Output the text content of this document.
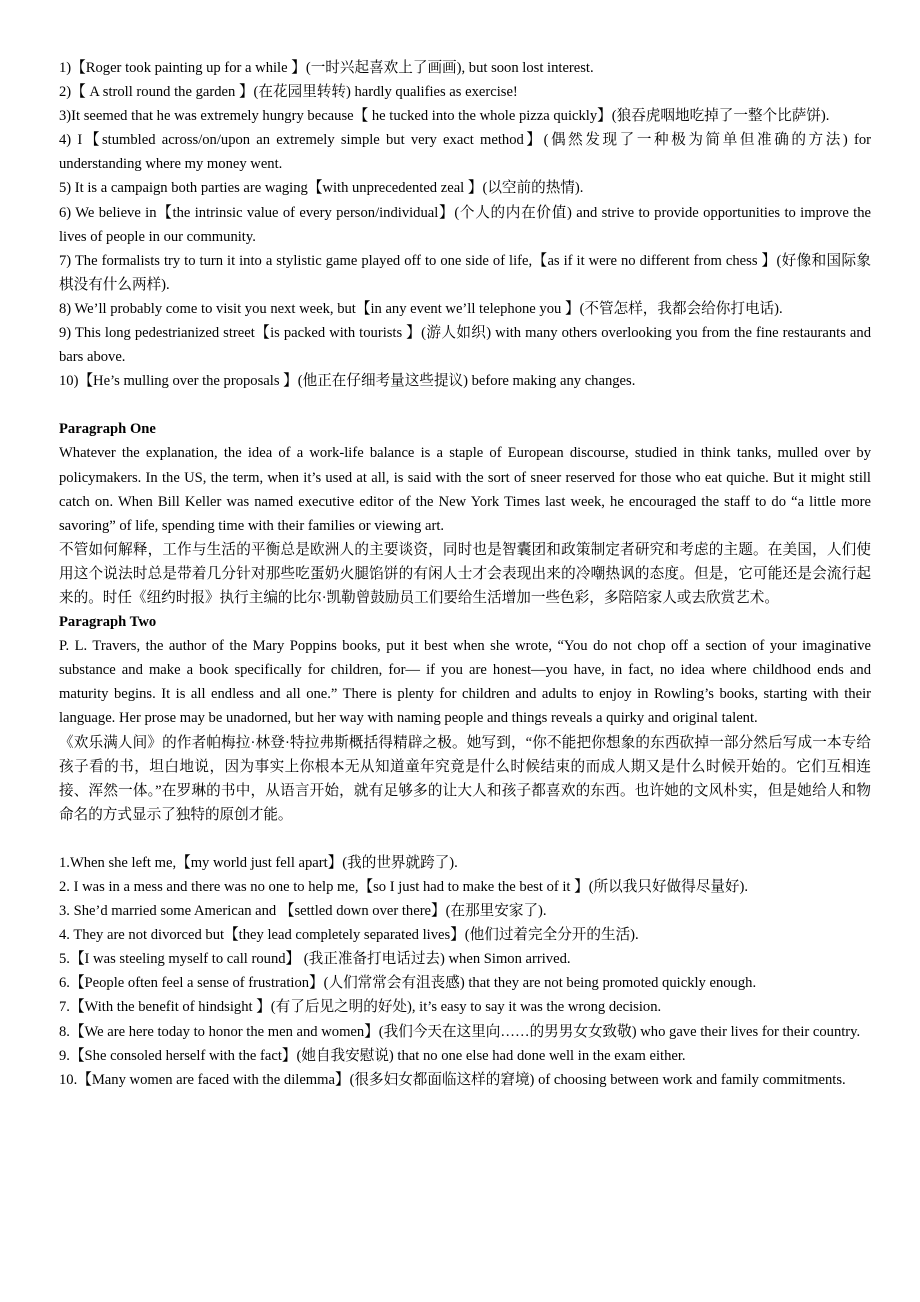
1)【Roger took painting up for a while 】(一时兴起喜欢上了画画), but soon lost interest.

2)【 A stroll round the garden 】(在花园里转转) hardly qualifies as exercise!

3)It seemed that he was extremely hungry because【 he tucked into the whole pizza quickly】(狼吞虎咽地吃掉了一整个比萨饼).

4) I【stumbled across/on/upon an extremely simple but very exact method】(偶然发现了一种极为简单但准确的方法) for understanding where my money went.

5) It is a campaign both parties are waging【with unprecedented zeal 】(以空前的热情).

6) We believe in【the intrinsic value of every person/individual】(个人的内在价值) and strive to provide opportunities to improve the lives of people in our community.

7) The formalists try to turn it into a stylistic game played off to one side of life,【as if it were no different from chess 】(好像和国际象棋没有什么两样).

8) We’ll probably come to visit you next week, but【in any event we’ll telephone you 】(不管怎样，我都会给你打电话).

9) This long pedestrianized street【is packed with tourists 】(游人如织) with many others overlooking you from the fine restaurants and bars above.

10)【He’s mulling over the proposals 】(他正在仔细考量这些提议) before making any changes.

Paragraph One

Whatever the explanation, the idea of a work-life balance is a staple of European discourse, studied in think tanks, mulled over by policymakers. In the US, the term, when it’s used at all, is said with the sort of sneer reserved for those who eat quiche. But it might still catch on. When Bill Keller was named executive editor of the New York Times last week, he encouraged the staff to do “a little more savoring” of life, spending time with their families or viewing art.

不管如何解释，工作与生活的平衡总是欧洲人的主要谈资，同时也是智囊团和政策制定者研究和考虑的主题。在美国，人们使用这个说法时总是带着几分针对那些吃蛋奶火腿馅饼的有闲人士才会表现出来的冷嘲热讽的态度。但是，它可能还是会流行起来的。时任《纽约时报》执行主编的比尔·凯勒曾鼓励员工们要给生活增加一些色彩，多陪陪家人或去欣赏艺术。

Paragraph Two

P. L. Travers, the author of the Mary Poppins books, put it best when she wrote, “You do not chop off a section of your imaginative substance and make a book specifically for children, for— if you are honest—you have, in fact, no idea where childhood ends and maturity begins. It is all endless and all one.” There is plenty for children and adults to enjoy in Rowling’s books, starting with their language. Her prose may be unadorned, but her way with naming people and things reveals a quirky and original talent.

《欢乐满人间》的作者帕梅拉·林登·特拉弗斯概括得精辟之极。她写到，“你不能把你想象的东西砍掉一部分然后写成一本专给孩子看的书，坦白地说，因为事实上你根本无从知道童年究竟是什么时候结束的而成人期又是什么时候开始的。它们互相连接、浑然一体。”在罗琳的书中，从语言开始，就有足够多的让大人和孩子都喜欢的东西。也许她的文风朴实，但是她给人和物命名的方式显示了独特的原创才能。

1.When she left me,【my world just fell apart】(我的世界就跨了).

2. I was in a mess and there was no one to help me,【so I just had to make the best of it 】(所以我只好做得尽量好).

3. She’d married some American and 【settled down over there】(在那里安家了).

4. They are not divorced but【they lead completely separated lives】(他们过着完全分开的生活).

5.【I was steeling myself to call round】 (我正准备打电话过去) when Simon arrived.

6.【People often feel a sense of frustration】(人们常常会有沮丧感) that they are not being promoted quickly enough.

7.【With the benefit of hindsight 】(有了后见之明的好处), it’s easy to say it was the wrong decision.

8.【We are here today to honor the men and women】(我们今天在这里向……的男男女女致敬) who gave their lives for their country.

9.【She consoled herself with the fact】(她自我安慰说) that no one else had done well in the exam either.

10.【Many women are faced with the dilemma】(很多妇女都面临这样的窘境) of choosing between work and family commitments.
